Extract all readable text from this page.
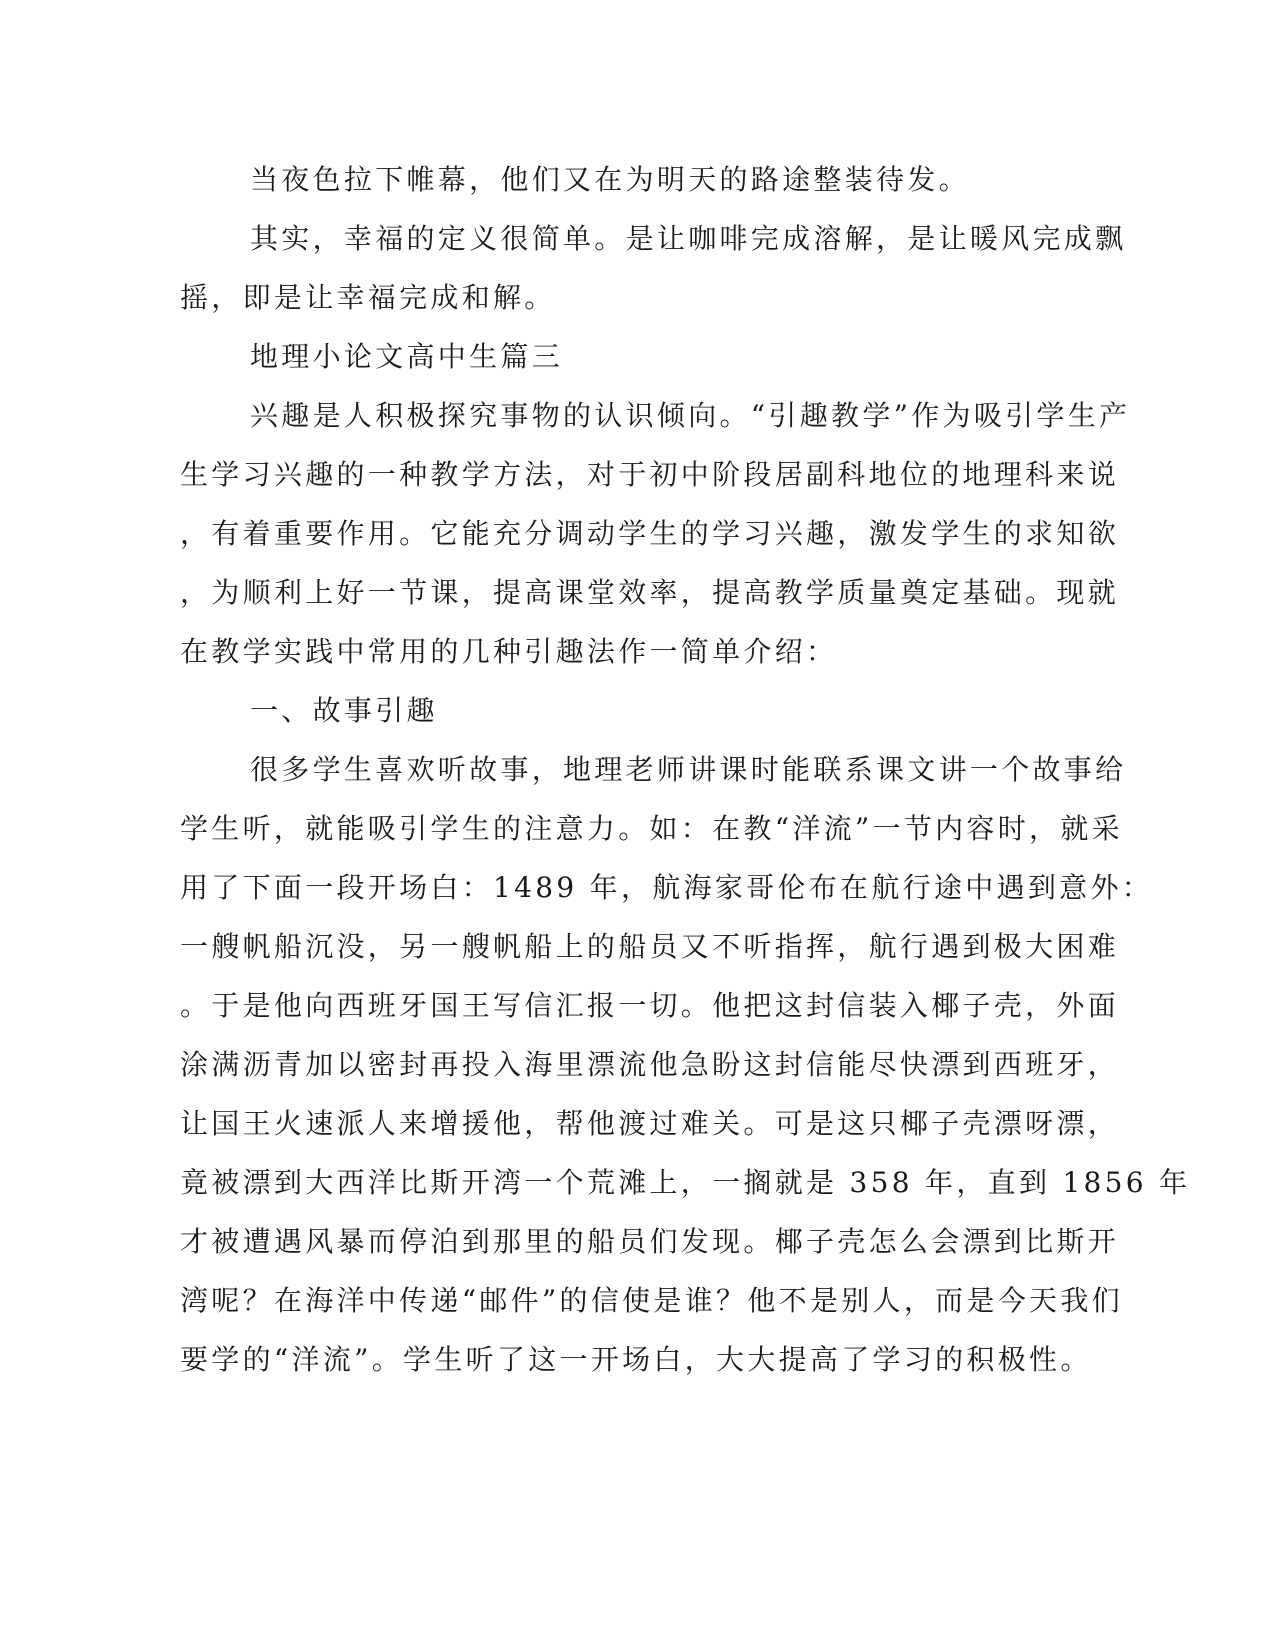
当夜色拉下帷幕，他们又在为明天的路途整装待发。

其实，幸福的定义很简单。是让咖啡完成溶解，是让暖风完成飘

摇，即是让幸福完成和解。

地理小论文高中生篇三

兴趣是人积极探究事物的认识倾向。“引趣教学”作为吸引学生产

生学习兴趣的一种教学方法，对于初中阶段居副科地位的地理科来说

，有着重要作用。它能充分调动学生的学习兴趣，激发学生的求知欲

，为顺利上好一节课，提高课堂效率，提高教学质量奠定基础。现就

在教学实践中常用的几种引趣法作一简单介绍：

一、故事引趣

很多学生喜欢听故事，地理老师讲课时能联系课文讲一个故事给

学生听，就能吸引学生的注意力。如：在教“洋流”一节内容时，就采

用了下面一段开场白：1489 年，航海家哥伦布在航行途中遇到意外：

一艘帆船沉没，另一艘帆船上的船员又不听指挥，航行遇到极大困难

。于是他向西班牙国王写信汇报一切。他把这封信装入椰子壳，外面

涂满沥青加以密封再投入海里漂流他急盼这封信能尽快漂到西班牙，

让国王火速派人来增援他，帮他渡过难关。可是这只椰子壳漂呀漂，

竟被漂到大西洋比斯开湾一个荒滩上，一搁就是 358 年，直到 1856 年

才被遭遇风暴而停泊到那里的船员们发现。椰子壳怎么会漂到比斯开

湾呢？在海洋中传递“邮件”的信使是谁？他不是别人，而是今天我们

要学的“洋流”。学生听了这一开场白，大大提高了学习的积极性。
